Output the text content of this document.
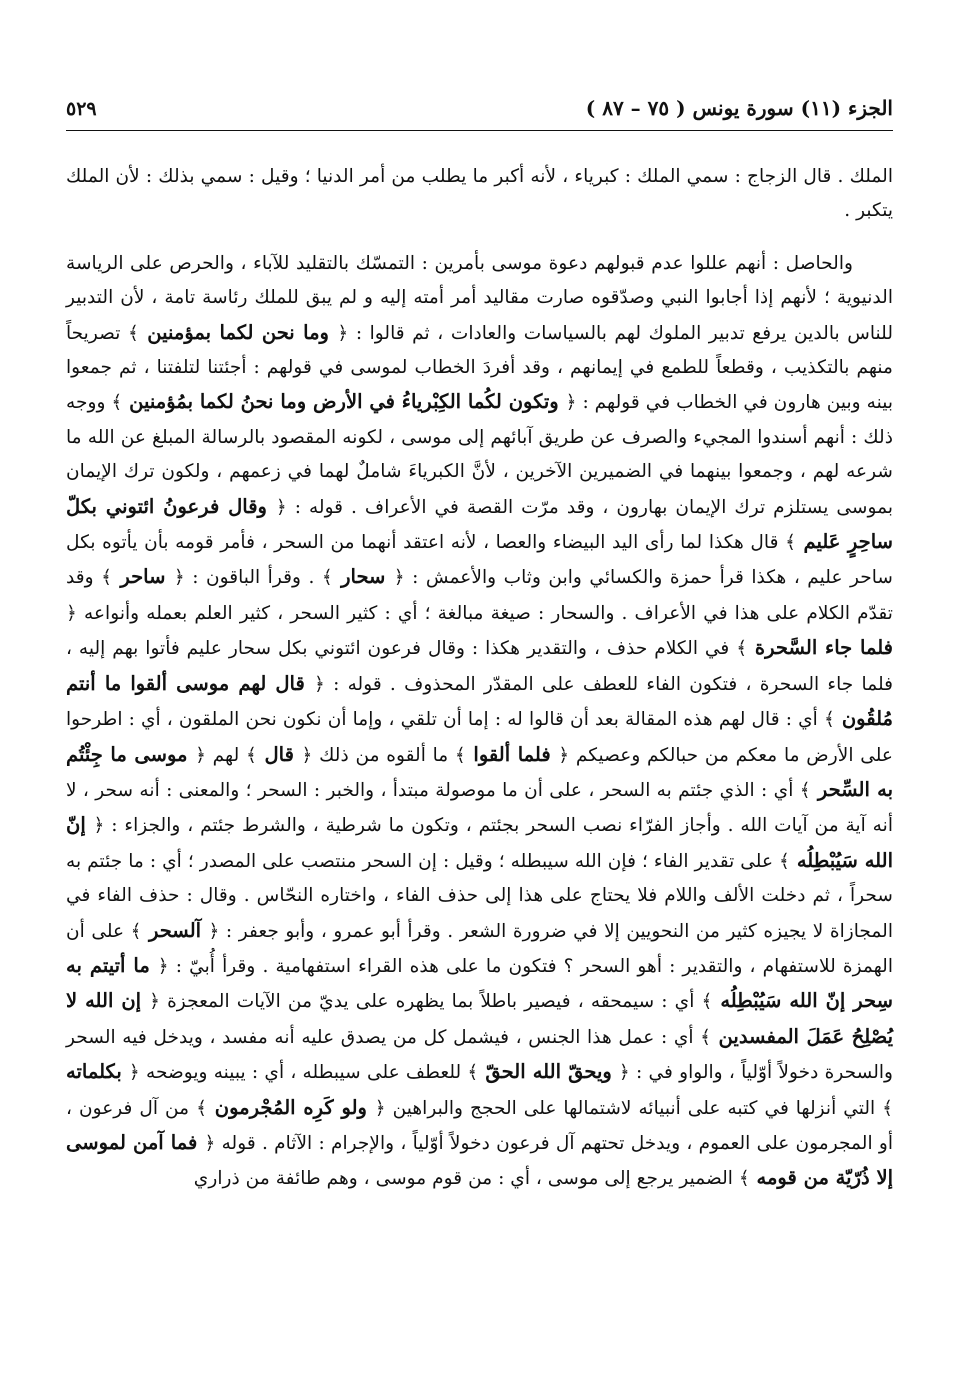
الجزء (١١) سورة يونس ( ٧٥ – ٨٧ )
٥٢٩

الملك . قال الزجاج : سمي الملك : كبرياء ، لأنه أكبر ما يطلب من أمر الدنيا ؛ وقيل : سمي بذلك : لأن الملك يتكبر .

والحاصل : أنهم عللوا عدم قبولهم دعوة موسى بأمرين : التمسّك بالتقليد للآباء ، والحرص على الرياسة الدنيوية ؛ لأنهم إذا أجابوا النبي وصدّقوه صارت مقاليد أمر أمته إليه و لم يبق للملك رئاسة تامة ، لأن التدبير للناس بالدين يرفع تدبير الملوك لهم بالسياسات والعادات ، ثم قالوا : ﴿ وما نحن لكما بمؤمنين ﴾ تصريحاً منهم بالتكذيب ، وقطعاً للطمع في إيمانهم ، وقد أفردَ الخطاب لموسى في قولهم : أجئتنا لتلفتنا ، ثم جمعوا بينه وبين هارون في الخطاب في قولهم : ﴿ وتكون لكُما الكِبْرياءُ في الأرض وما نحنُ لكما بمُؤمنين ﴾ ووجه ذلك : أنهم أسندوا المجيء والصرف عن طريق آبائهم إلى موسى ، لكونه المقصود بالرسالة المبلغ عن الله ما شرعه لهم ، وجمعوا بينهما في الضميرين الآخرين ، لأنَّ الكبرياءَ شاملٌ لهما في زعمهم ، ولكون ترك الإيمان بموسى يستلزم ترك الإيمان بهارون ، وقد مرّت القصة في الأعراف . قوله : ﴿ وقال فرعونُ ائتوني بكلّ ساحِرٍ عَليم ﴾ قال هكذا لما رأى اليد البيضاء والعصا ، لأنه اعتقد أنهما من السحر ، فأمر قومه بأن يأتوه بكل ساحر عليم ، هكذا قرأ حمزة والكسائي وابن وثاب والأعمش : ﴿ سحار ﴾ . وقرأ الباقون : ﴿ ساحر ﴾ وقد تقدّم الكلام على هذا في الأعراف . والسحار : صيغة مبالغة ؛ أي : كثير السحر ، كثير العلم بعمله وأنواعه ﴿ فلما جاء السَّحرة ﴾ في الكلام حذف ، والتقدير هكذا : وقال فرعون ائتوني بكل سحار عليم فأتوا بهم إليه ، فلما جاء السحرة ، فتكون الفاء للعطف على المقدّر المحذوف . قوله : ﴿ قال لهم موسى ألقوا ما أنتم مُلقُون ﴾ أي : قال لهم هذه المقالة بعد أن قالوا له : إما أن تلقي ، وإما أن نكون نحن الملقون ، أي : اطرحوا على الأرض ما معكم من حبالكم وعصيكم ﴿ فلما ألقوا ﴾ ما ألقوه من ذلك ﴿ قال ﴾ لهم ﴿ موسى ما جِئْتُم به السِّحر ﴾ أي : الذي جئتم به السحر ، على أن ما موصولة مبتدأ ، والخبر : السحر ؛ والمعنى : أنه سحر ، لا أنه آية من آيات الله . وأجاز الفرّاء نصب السحر بجئتم ، وتكون ما شرطية ، والشرط جئتم ، والجزاء : ﴿ إنّ الله سَيُبْطِلُه ﴾ على تقدير الفاء ؛ فإن الله سيبطله ؛ وقيل : إن السحر منتصب على المصدر ؛ أي : ما جئتم به سحراً ، ثم دخلت الألف واللام فلا يحتاج على هذا إلى حذف الفاء ، واختاره النحّاس . وقال : حذف الفاء في المجازاة لا يجيزه كثير من النحويين إلا في ضرورة الشعر . وقرأ أبو عمرو ، وأبو جعفر : ﴿ آلسحر ﴾ على أن الهمزة للاستفهام ، والتقدير : أهو السحر ؟ فتكون ما على هذه القراء استفهامية . وقرأ أُبيّ : ﴿ ما أتيتم به سِحر إنّ الله سَيُبْطِلُه ﴾ أي : سيمحقه ، فيصير باطلاً بما يظهره على يديّ من الآيات المعجزة ﴿ إن الله لا يُصْلِحُ عَمَلَ المفسدين ﴾ أي : عمل هذا الجنس ، فيشمل كل من يصدق عليه أنه مفسد ، ويدخل فيه السحر والسحرة دخولاً أوّلياً ، والواو في : ﴿ ويحقّ الله الحقّ ﴾ للعطف على سيبطله ، أي : يبينه ويوضحه ﴿ بكلماته ﴾ التي أنزلها في كتبه على أنبيائه لاشتمالها على الحجج والبراهين ﴿ ولو كَرِه المُجْرمون ﴾ من آل فرعون ، أو المجرمون على العموم ، ويدخل تحتهم آل فرعون دخولاً أوّلياً ، والإجرام : الآثام . قوله ﴿ فما آمن لموسى إلا ذُرّيّة من قومه ﴾ الضمير يرجع إلى موسى ، أي : من قوم موسى ، وهم طائفة من ذراري
